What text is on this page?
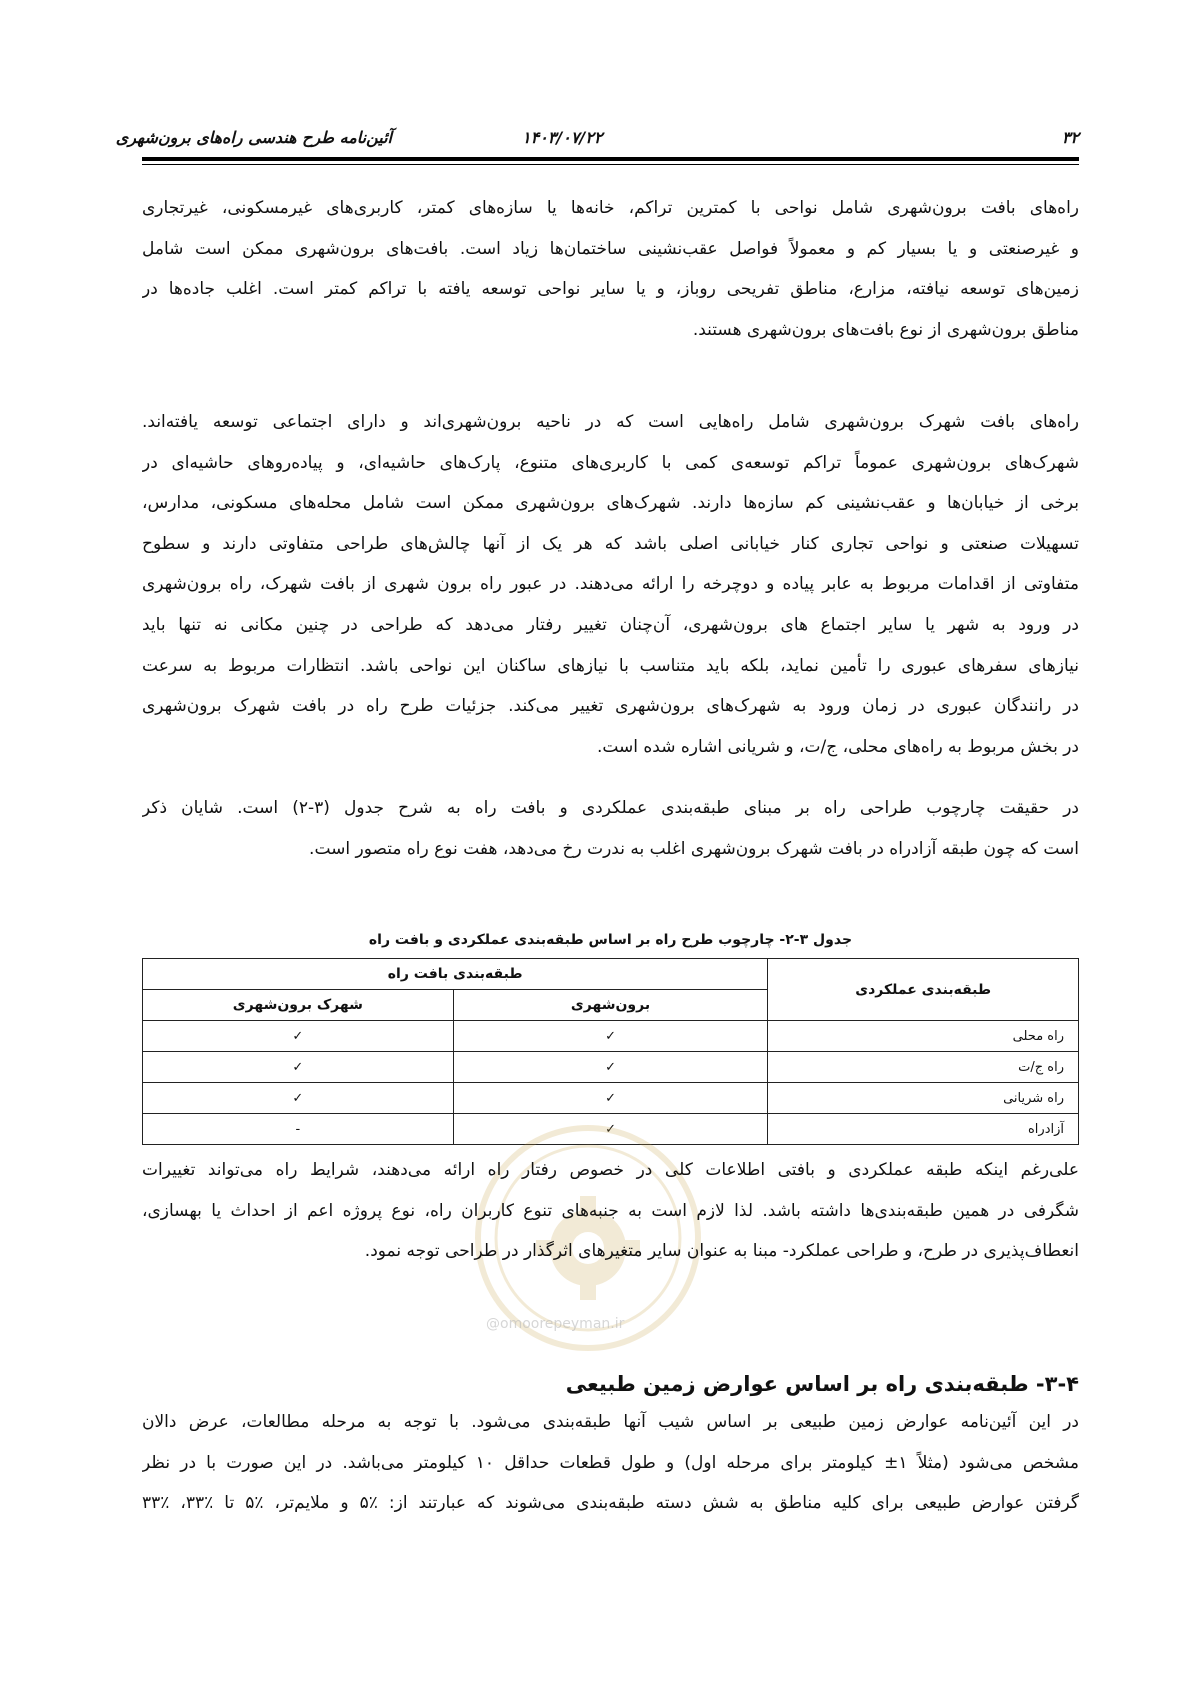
آئین‌نامه طرح هندسی راه‌های برون‌شهری	۱۴۰۳/۰۷/۲۲	۳۲
راه‌های بافت برون‌شهری شامل نواحی با کمترین تراکم، خانه‌ها یا سازه‌های کمتر، کاربری‌های غیرمسکونی، غیرتجاری
و غیرصنعتی و یا بسیار کم و معمولاً فواصل عقب‌نشینی ساختمان‌ها زیاد است. بافت‌های برون‌شهری ممکن است شامل
زمین‌های توسعه نیافته، مزارع، مناطق تفریحی روباز، و یا سایر نواحی توسعه یافته با تراکم کمتر است. اغلب جاده‌ها در
مناطق برون‌شهری از نوع بافت‌های برون‌شهری هستند.
راه‌های بافت شهرک برون‌شهری شامل راه‌هایی است که در ناحیه برون‌شهری‌اند و دارای اجتماعی توسعه یافته‌اند.
شهرک‌های برون‌شهری عموماً تراکم توسعه‌ی کمی با کاربری‌های متنوع، پارک‌های حاشیه‌ای، و پیاده‌روهای حاشیه‌ای در
برخی از خیابان‌ها و عقب‌نشینی کم سازه‌ها دارند. شهرک‌های برون‌شهری ممکن است شامل محله‌های مسکونی، مدارس،
تسهیلات صنعتی و نواحی تجاری کنار خیابانی اصلی باشد که هر یک از آنها چالش‌های طراحی متفاوتی دارند و سطوح
متفاوتی از اقدامات مربوط به عابر پیاده و دوچرخه را ارائه می‌دهند. در عبور راه برون شهری از بافت شهرک، راه برون‌شهری
در ورود به شهر یا سایر اجتماع های برون‌شهری، آن‌چنان تغییر رفتار می‌دهد که طراحی در چنین مکانی نه تنها باید
نیازهای سفرهای عبوری را تأمین نماید، بلکه باید متناسب با نیازهای ساکنان این نواحی باشد. انتظارات مربوط به سرعت
در رانندگان عبوری در زمان ورود به شهرک‌های برون‌شهری تغییر می‌کند. جزئیات طرح راه در بافت شهرک برون‌شهری
در بخش مربوط به راه‌های محلی، ج/ت، و شریانی اشاره شده است.
در حقیقت چارچوب طراحی راه بر مبنای طبقه‌بندی عملکردی و بافت راه به شرح جدول (۳-۲) است. شایان ذکر
است که چون طبقه آزادراه در بافت شهرک برون‌شهری اغلب به ندرت رخ می‌دهد، هفت نوع راه متصور است.
جدول ۳-۲- چارچوب طرح راه بر اساس طبقه‌بندی عملکردی و بافت راه
طبقه‌بندی عملکردی	طبقه‌بندی بافت راه	
	برون‌شهری	شهرک برون‌شهری
راه محلی	✓	✓
راه ج/ت	✓	✓
راه شریانی	✓	✓
آزادراه	✓	-
@omoorepeyman.ir
علی‌رغم اینکه طبقه عملکردی و بافتی اطلاعات کلی در خصوص رفتار راه ارائه می‌دهند، شرایط راه می‌تواند تغییرات
شگرفی در همین طبقه‌بندی‌ها داشته باشد. لذا لازم است به جنبه‌های تنوع کاربران راه، نوع پروژه اعم از احداث یا بهسازی،
انعطاف‌پذیری در طرح، و طراحی عملکرد- مبنا به عنوان سایر متغیرهای اثرگذار در طراحی توجه نمود.
۳-۴- طبقه‌بندی راه بر اساس عوارض زمین طبیعی
در این آئین‌نامه عوارض زمین طبیعی بر اساس شیب آنها طبقه‌بندی می‌شود. با توجه به مرحله مطالعات، عرض دالان
مشخص می‌شود (مثلاً ۱± کیلومتر برای مرحله اول) و طول قطعات حداقل ۱۰ کیلومتر می‌باشد. در این صورت با در نظر
گرفتن عوارض طبیعی برای کلیه مناطق به شش دسته طبقه‌بندی می‌شوند که عبارتند از: ٪۵ و ملایم‌تر، ٪۵ تا ٪۳۳، ٪۳۳
